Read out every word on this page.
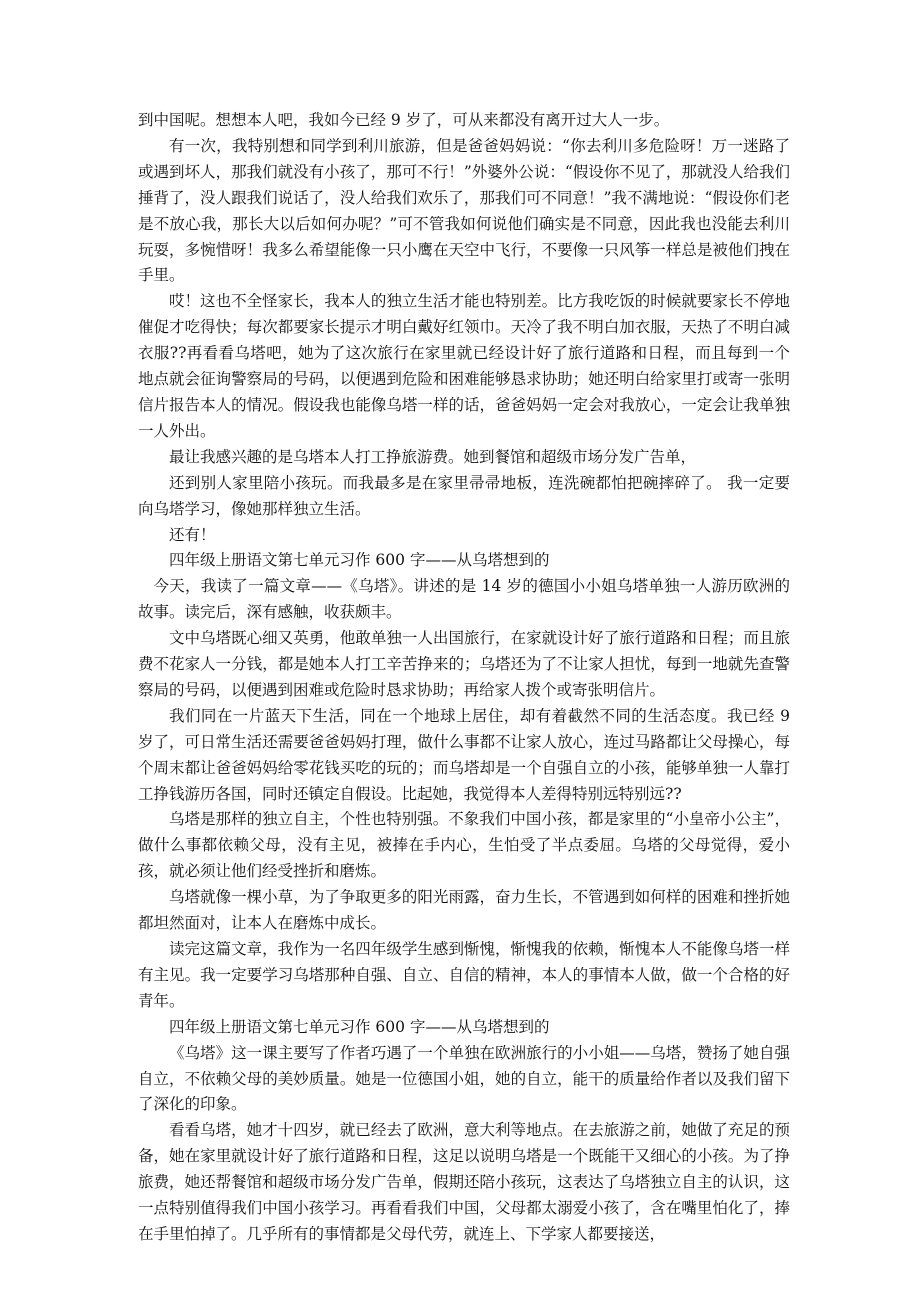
到中国呢。想想本人吧，我如今已经 9 岁了，可从来都没有离开过大人一步。

有一次，我特别想和同学到利川旅游，但是爸爸妈妈说：“你去利川多危险呀！万一迷路了或遇到坏人，那我们就没有小孩了，那可不行！”外婆外公说：“假设你不见了，那就没人给我们捶背了，没人跟我们说话了，没人给我们欢乐了，那我们可不同意！”我不满地说：“假设你们老是不放心我，那长大以后如何办呢？”可不管我如何说他们确实是不同意，因此我也没能去利川玩耍，多惋惜呀！我多么希望能像一只小鹰在天空中飞行，不要像一只风筝一样总是被他们拽在手里。

哎！这也不全怪家长，我本人的独立生活才能也特别差。比方我吃饭的时候就要家长不停地催促才吃得快；每次都要家长提示才明白戴好红领巾。天冷了我不明白加衣服，天热了不明白减衣服??再看看乌塔吧，她为了这次旅行在家里就已经设计好了旅行道路和日程，而且每到一个地点就会征询警察局的号码，以便遇到危险和困难能够恳求协助；她还明白给家里打或寄一张明信片报告本人的情况。假设我也能像乌塔一样的话，爸爸妈妈一定会对我放心，一定会让我单独一人外出。

最让我感兴趣的是乌塔本人打工挣旅游费。她到餐馆和超级市场分发广告单，

还到别人家里陪小孩玩。而我最多是在家里帚帚地板，连洗碗都怕把碗摔碎了。 我一定要向乌塔学习，像她那样独立生活。

还有！

四年级上册语文第七单元习作 600 字——从乌塔想到的

今天，我读了一篇文章——《乌塔》。讲述的是 14 岁的德国小小姐乌塔单独一人游历欧洲的故事。读完后，深有感触，收获颇丰。

文中乌塔既心细又英勇，他敢单独一人出国旅行，在家就设计好了旅行道路和日程；而且旅费不花家人一分钱，都是她本人打工辛苦挣来的；乌塔还为了不让家人担忧，每到一地就先查警察局的号码，以便遇到困难或危险时恳求协助；再给家人拨个或寄张明信片。

我们同在一片蓝天下生活，同在一个地球上居住，却有着截然不同的生活态度。我已经 9 岁了，可日常生活还需要爸爸妈妈打理，做什么事都不让家人放心，连过马路都让父母操心，每个周末都让爸爸妈妈给零花钱买吃的玩的；而乌塔却是一个自强自立的小孩，能够单独一人靠打工挣钱游历各国，同时还镇定自假设。比起她，我觉得本人差得特别远特别远??

乌塔是那样的独立自主，个性也特别强。不象我们中国小孩，都是家里的“小皇帝小公主”，做什么事都依赖父母，没有主见，被捧在手内心，生怕受了半点委屈。乌塔的父母觉得，爱小孩，就必须让他们经受挫折和磨炼。

乌塔就像一棵小草，为了争取更多的阳光雨露，奋力生长，不管遇到如何样的困难和挫折她都坦然面对，让本人在磨炼中成长。

读完这篇文章，我作为一名四年级学生感到惭愧，惭愧我的依赖，惭愧本人不能像乌塔一样有主见。我一定要学习乌塔那种自强、自立、自信的精神，本人的事情本人做，做一个合格的好青年。

四年级上册语文第七单元习作 600 字——从乌塔想到的

《乌塔》这一课主要写了作者巧遇了一个单独在欧洲旅行的小小姐——乌塔，赞扬了她自强自立，不依赖父母的美妙质量。她是一位德国小姐，她的自立，能干的质量给作者以及我们留下了深化的印象。

看看乌塔，她才十四岁，就已经去了欧洲，意大利等地点。在去旅游之前，她做了充足的预备，她在家里就设计好了旅行道路和日程，这足以说明乌塔是一个既能干又细心的小孩。为了挣旅费，她还帮餐馆和超级市场分发广告单，假期还陪小孩玩，这表达了乌塔独立自主的认识，这一点特别值得我们中国小孩学习。再看看我们中国，父母都太溺爱小孩了，含在嘴里怕化了，捧在手里怕掉了。几乎所有的事情都是父母代劳，就连上、下学家人都要接送，
